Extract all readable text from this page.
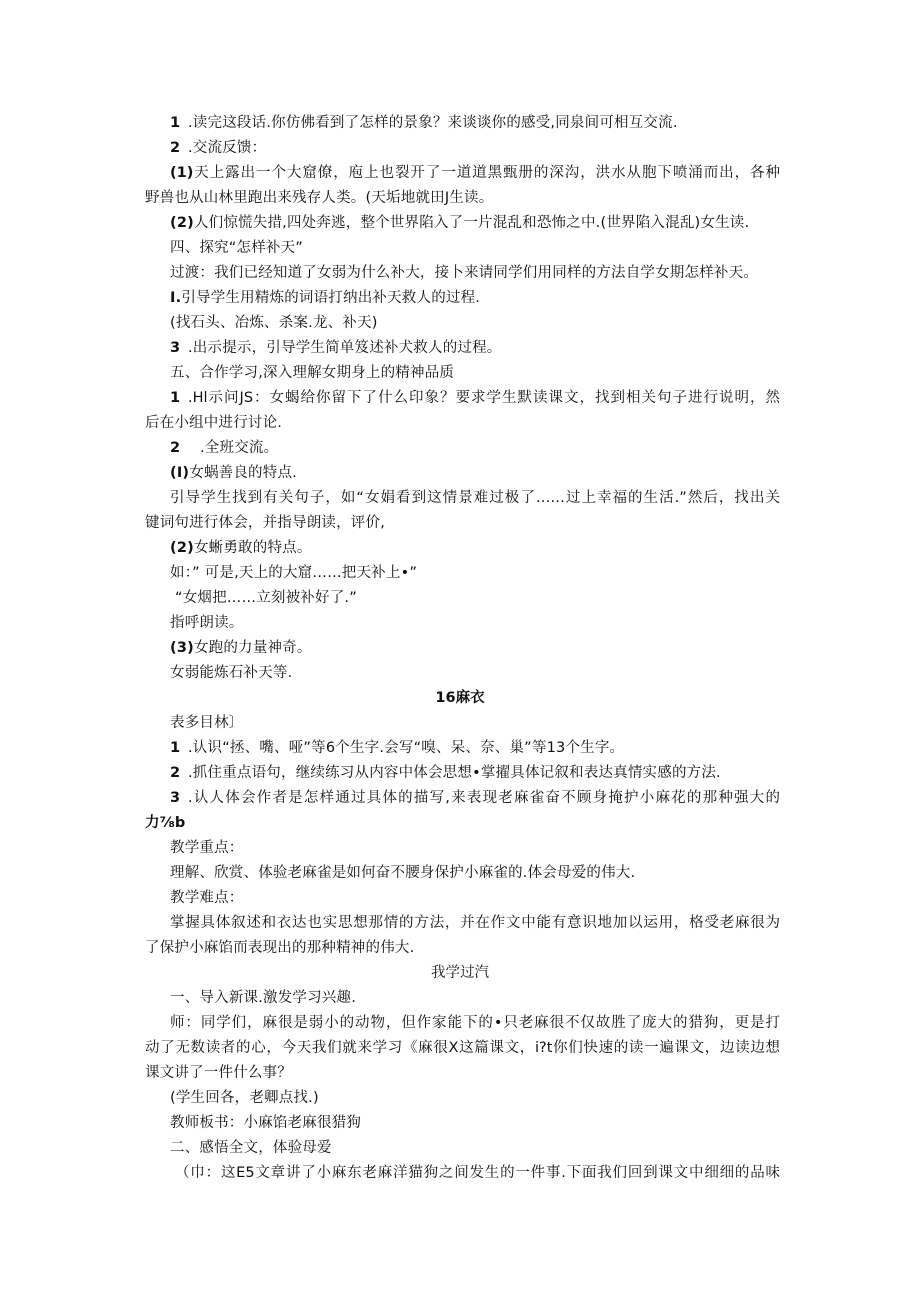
1 .读完这段话.你仿佛看到了怎样的景象？来谈谈你的感受,同泉间可相互交流.
2 .交流反馈：
(1)天上露出一个大窟僚，庖上也裂开了一道道黑甄册的深沟，洪水从胞下喷涌而出，各种
野兽也从山林里跑出来残存人类。(天垢地就田J生读。
(2)人们惊慌失措,四处奔逃，整个世界陷入了一片混乱和恐怖之中.(世界陷入混乱)女生读.
四、探究“怎样补天”
过渡：我们已经知道了女弱为什么补大，接卜来请同学们用同样的方法自学女期怎样补天。
I.引导学生用精炼的词语打纳出补天救人的过程.
(找石头、冶炼、杀案.龙、补天)
3 .出示提示，引导学生简单笈述补犬救人的过程。
五、合作学习,深入理解女期身上的精神品质
1 .Hl示问JS：女蝎给你留下了什么印象？要求学生默读课文，找到相关句子进行说明，然
后在小组中进行讨论.
2 .全班交流。
(I)女蜗善良的特点.
引导学生找到有关句子，如“女娟看到这情景难过极了……过上幸福的生活.”然后，找出关
键词句进行体会，并指导朗读，评价,
(2)女蜥勇敢的特点。
如：” 可是,天上的大窟……把天补上•”
“女烟把……立刻被补好了.”
指呼朗读。
(3)女跑的力量神奇。
女弱能炼石补天等.
16麻衣
表多目林〕
1 .认识“拯、嘴、哑”等6个生字.会写“嗅、呆、奈、巢”等13个生字。
2 .抓住重点语句，继续练习从内容中体会思想•掌擢具体记叙和表达真情实感的方法.
3 .认人体会作者是怎样通过具体的描写,来表现老麻雀奋不顾身掩护小麻花的那种强大的
力⅞b
教学重点：
理解、欣赏、体验老麻雀是如何奋不腰身保护小麻雀的.体会母爱的伟大.
教学难点：
掌握具体叙述和衣达也实思想那情的方法，并在作文中能有意识地加以运用，格受老麻很为
了保护小麻馅而表现出的那种精神的伟大.
我学过汽
一、导入新课.激发学习兴趣.
师：同学们，麻很是弱小的动物，但作家能下的•只老麻很不仅故胜了庞大的猎狗，更是打
动了无数读者的心，今天我们就来学习《麻很X这篇课文，i?t你们快速的读一遍课文，边读边想
课文讲了一件什么事？
(学生回各，老卿点找.)
教师板书：小麻馅老麻很猎狗
二、感悟全文，体验母爱
（巾：这E5文章讲了小麻东老麻洋猫狗之间发生的一件事.下面我们回到课文中细细的品味
